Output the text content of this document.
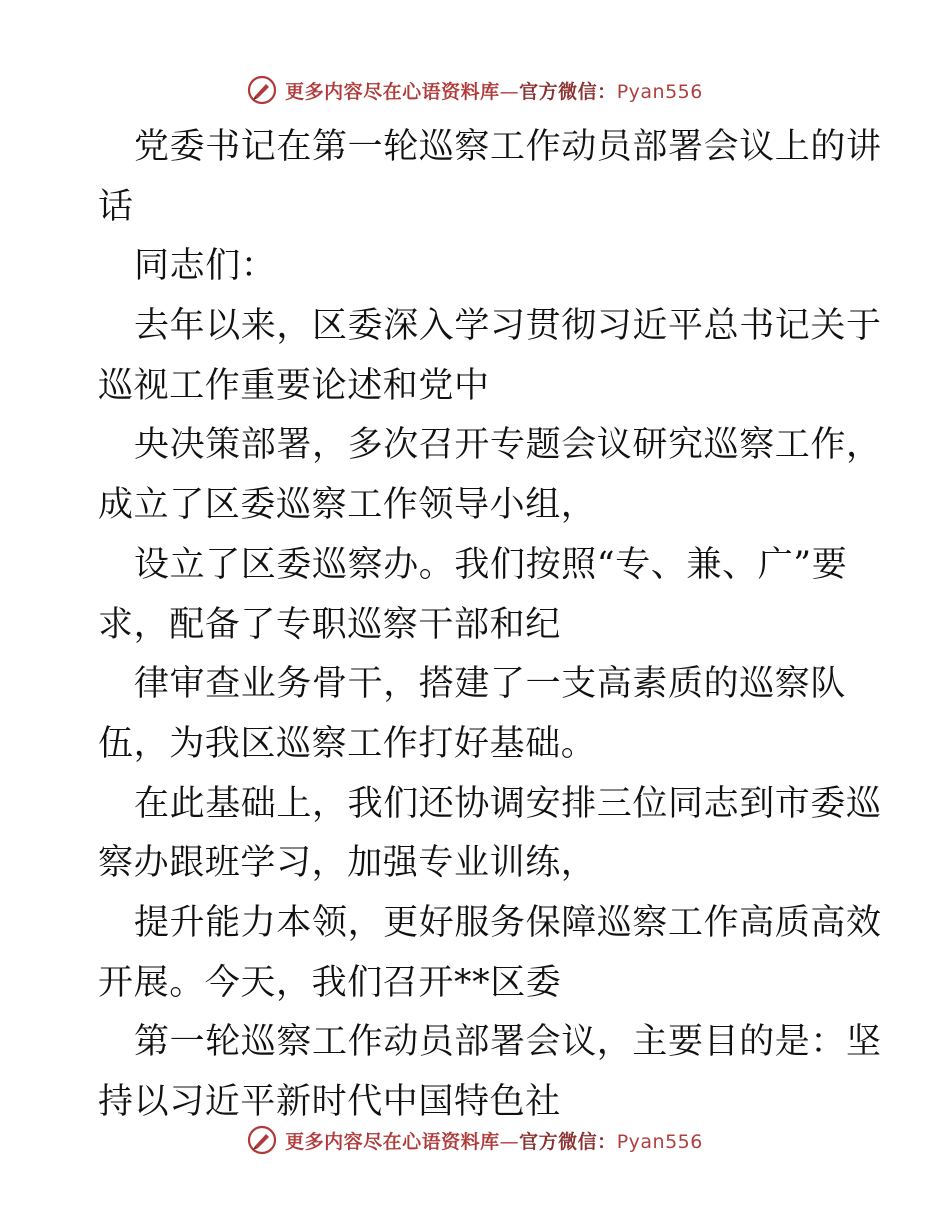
更多内容尽在心语资料库—官方微信：Pyan556
党委书记在第一轮巡察工作动员部署会议上的讲
话
同志们：
去年以来，区委深入学习贯彻习近平总书记关于
巡视工作重要论述和党中
央决策部署，多次召开专题会议研究巡察工作，
成立了区委巡察工作领导小组，
设立了区委巡察办。我们按照“专、兼、广”要
求，配备了专职巡察干部和纪
律审查业务骨干，搭建了一支高素质的巡察队
伍，为我区巡察工作打好基础。
在此基础上，我们还协调安排三位同志到市委巡
察办跟班学习，加强专业训练，
提升能力本领，更好服务保障巡察工作高质高效
开展。今天，我们召开**区委
第一轮巡察工作动员部署会议，主要目的是：坚
持以习近平新时代中国特色社
更多内容尽在心语资料库—官方微信：Pyan556
